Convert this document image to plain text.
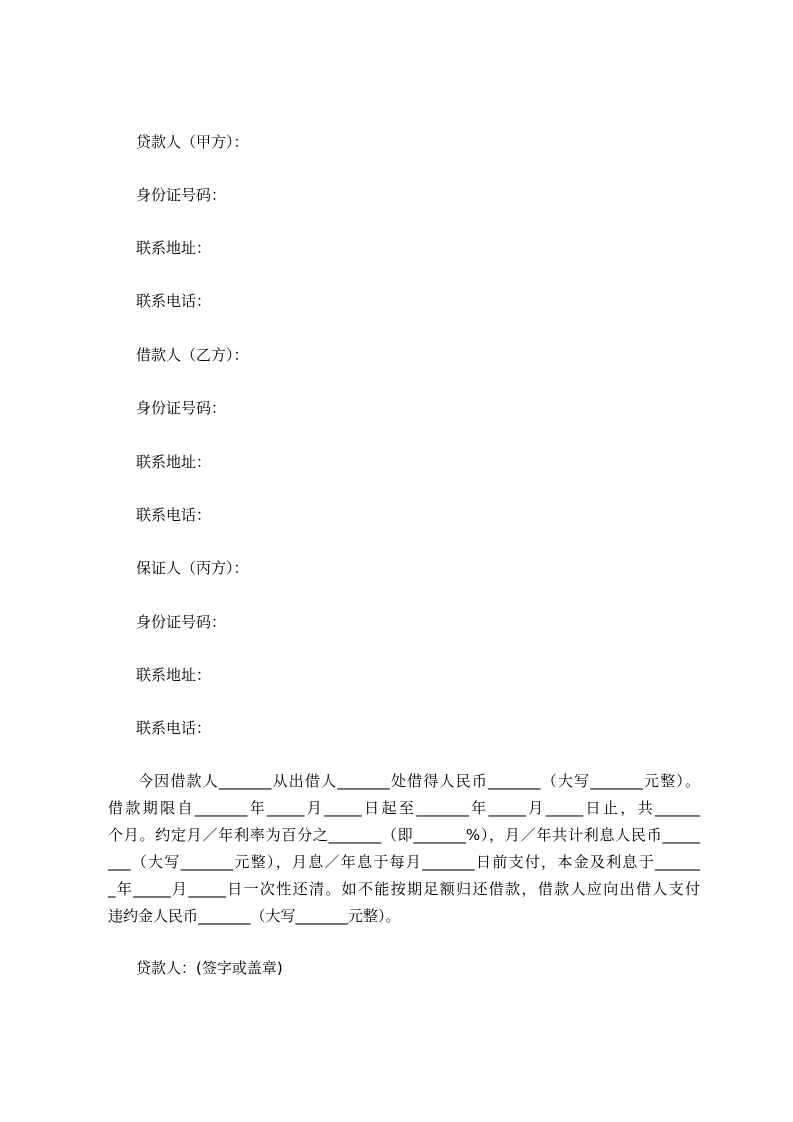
贷款人（甲方）：
身份证号码：
联系地址：
联系电话：
借款人（乙方）：
身份证号码：
联系地址：
联系电话：
保证人（丙方）：
身份证号码：
联系地址：
联系电话：
今因借款人_______从出借人_______处借得人民币_______（大写_______元整）。
借款期限自_______年_____月_____日起至_______年_____月_____日止，共______
个月。约定月／年利率为百分之_______（即_______%），月／年共计利息人民币_____
___（大写_______元整），月息／年息于每月_______日前支付，本金及利息于______
_年_____月_____日一次性还清。如不能按期足额归还借款，借款人应向出借人支付
违约金人民币_______（大写_______元整）。
贷款人：(签字或盖章)
